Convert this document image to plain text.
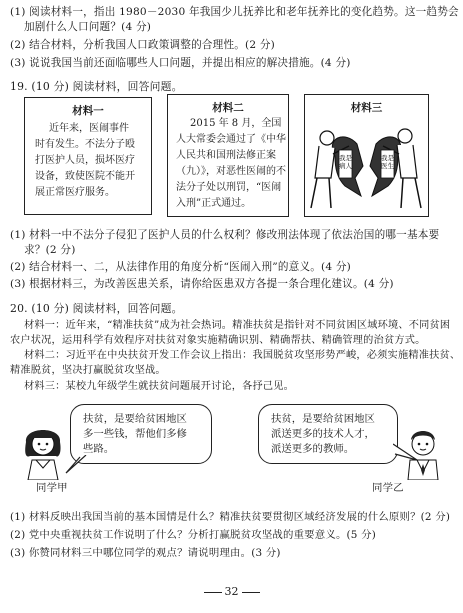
(1) 阅读材料一，指出 1980－2030 年我国少儿抚养比和老年抚养比的变化趋势。这一趋势会
加剧什么人口问题？(4 分)
(2) 结合材料，分析我国人口政策调整的合理性。(2 分)
(3) 说说我国当前还面临哪些人口问题，并提出相应的解决措施。(4 分)
19. (10 分) 阅读材料，回答问题。
材料一
近年来，医闹事件
时有发生。不法分子殴
打医护人员，损坏医疗
设备，致使医院不能开
展正常医疗服务。
材料二
2015 年 8 月，全国
人大常委会通过了《中华
人民共和国刑法修正案
（九）》，对恶性医闹的不
法分子处以刑罚，“医闹
入刑”正式通过。
材料三
我是病人
我是医生
(1) 材料一中不法分子侵犯了医护人员的什么权利？修改刑法体现了依法治国的哪一基本要
求？(2 分)
(2) 结合材料一、二，从法律作用的角度分析“医闹入刑”的意义。(4 分)
(3) 根据材料三，为改善医患关系，请你给医患双方各提一条合理化建议。(4 分)
20. (10 分) 阅读材料，回答问题。
材料一：近年来，“精准扶贫”成为社会热词。精准扶贫是指针对不同贫困区域环境、不同贫困
农户状况，运用科学有效程序对扶贫对象实施精确识别、精确帮扶、精确管理的治贫方式。
材料二：习近平在中央扶贫开发工作会议上指出：我国脱贫攻坚形势严峻，必须实施精准扶贫、
精准脱贫，坚决打赢脱贫攻坚战。
材料三：某校九年级学生就扶贫问题展开讨论，各抒己见。
扶贫，是要给贫困地区
多一些钱，帮他们多修
些路。
扶贫，是要给贫困地区
派送更多的技术人才，
派送更多的教师。
同学甲	同学乙
(1) 材料反映出我国当前的基本国情是什么？精准扶贫要贯彻区域经济发展的什么原则？(2 分)
(2) 党中央重视扶贫工作说明了什么？分析打赢脱贫攻坚战的重要意义。(5 分)
(3) 你赞同材料三中哪位同学的观点？请说明理由。(3 分)
32
